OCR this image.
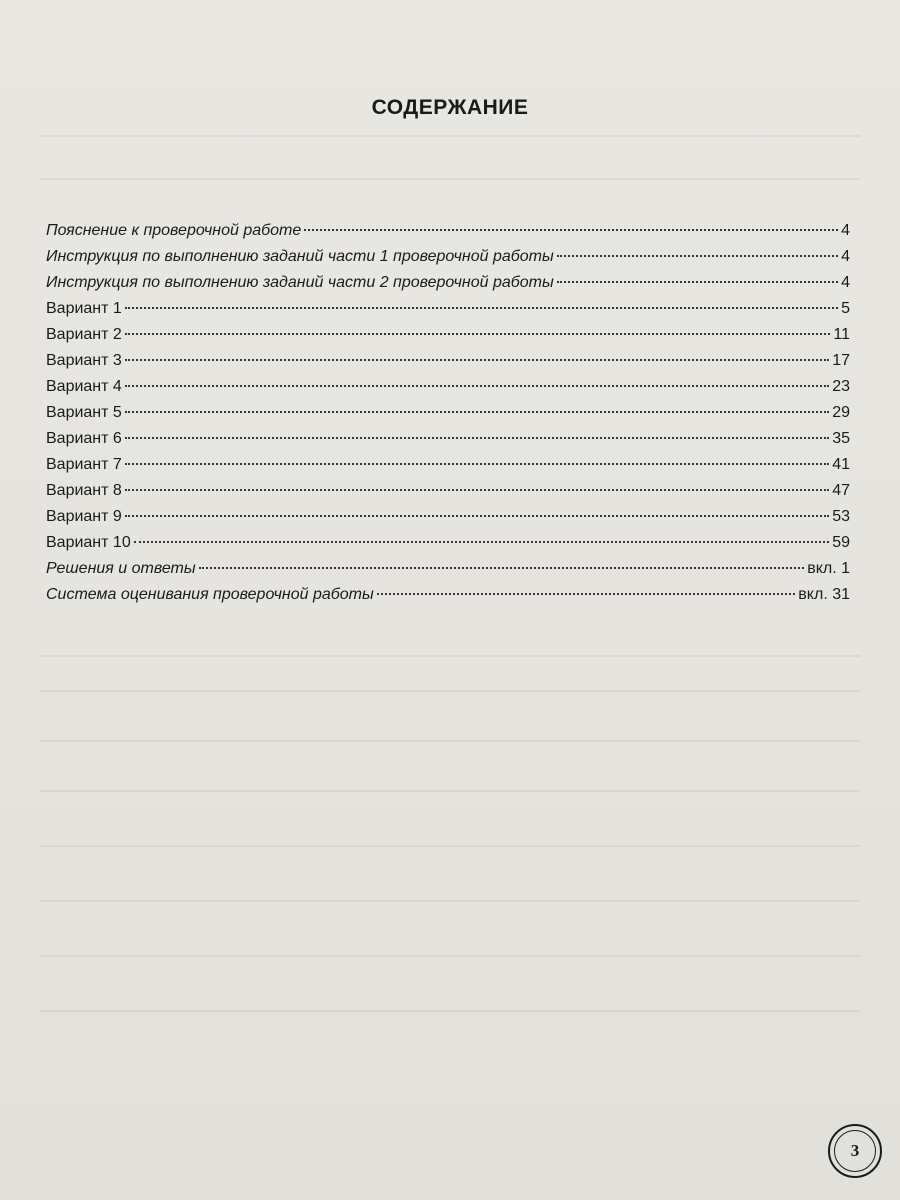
СОДЕРЖАНИЕ
Пояснение к проверочной работе	4
Инструкция по выполнению заданий части 1 проверочной работы	4
Инструкция по выполнению заданий части 2 проверочной работы	4
Вариант 1	5
Вариант 2	11
Вариант 3	17
Вариант 4	23
Вариант 5	29
Вариант 6	35
Вариант 7	41
Вариант 8	47
Вариант 9	53
Вариант 10	59
Решения и ответы	вкл. 1
Система оценивания проверочной работы	вкл. 31
3
